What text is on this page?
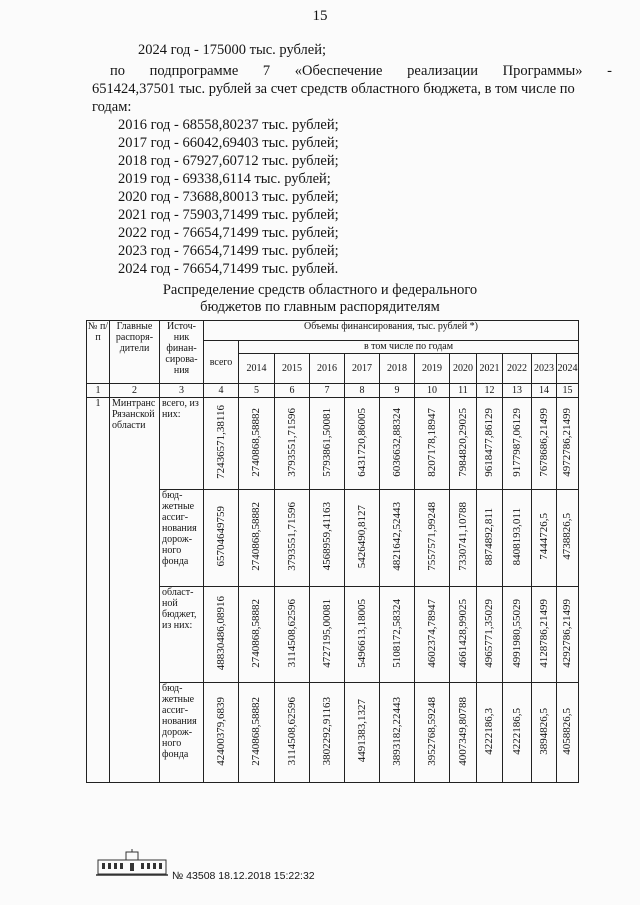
15
2024 год - 175000 тыс. рублей;
по подпрограмме 7 «Обеспечение реализации Программы» -
651424,37501 тыс. рублей за счет средств областного бюджета, в том числе по
годам:
2016 год - 68558,80237 тыс. рублей;
2017 год - 66042,69403 тыс. рублей;
2018 год - 67927,60712 тыс. рублей;
2019 год - 69338,6114 тыс. рублей;
2020 год - 73688,80013 тыс. рублей;
2021 год - 75903,71499 тыс. рублей;
2022 год - 76654,71499 тыс. рублей;
2023 год - 76654,71499 тыс. рублей;
2024 год - 76654,71499 тыс. рублей.
Распределение средств областного и федерального
бюджетов по главным распорядителям
№ п/п	Главные распоря-дители	Источ-ник финан-сирова-ния	Объемы финансирования, тыс. рублей *)											
			всего	в том числе по годам										
				2014	2015	2016	2017	2018	2019	2020	2021	2022	2023	2024
1	2	3	4	5	6	7	8	9	10	11	12	13	14	15
1	Минтранс Рязанской области	всего, из них:	72436571,38116	2740868,58882	3793551,71596	5793861,50081	6431720,86005	6036632,88324	8207178,18947	7984820,29025	9618477,86129	9177987,06129	7678686,21499	4972786,21499
		бюд-жетные ассиг-нования дорож-ного фонда	65704649759	2740868,58882	3793551,71596	4568959,41163	5426490,8127	4821642,52443	7557571,99248	7330741,10788	8874892,811	8408193,011	7444726,5	4738826,5
		област-ной бюджет, из них:	48830486,08916	2740868,58882	3114508,62596	4727195,00081	5496613,18005	5108172,58324	4602374,78947	4661428,99025	4965771,35029	4991980,55029	4128786,21499	4292786,21499
		бюд-жетные ассиг-нования дорож-ного фонда	42400379,6839	2740868,58882	3114508,62596	3802292,91163	4491383,1327	3893182,22443	3952768,59248	4007349,80788	4222186,3	4222186,5	3894826,5	4058826,5
№ 43508 18.12.2018 15:22:32
